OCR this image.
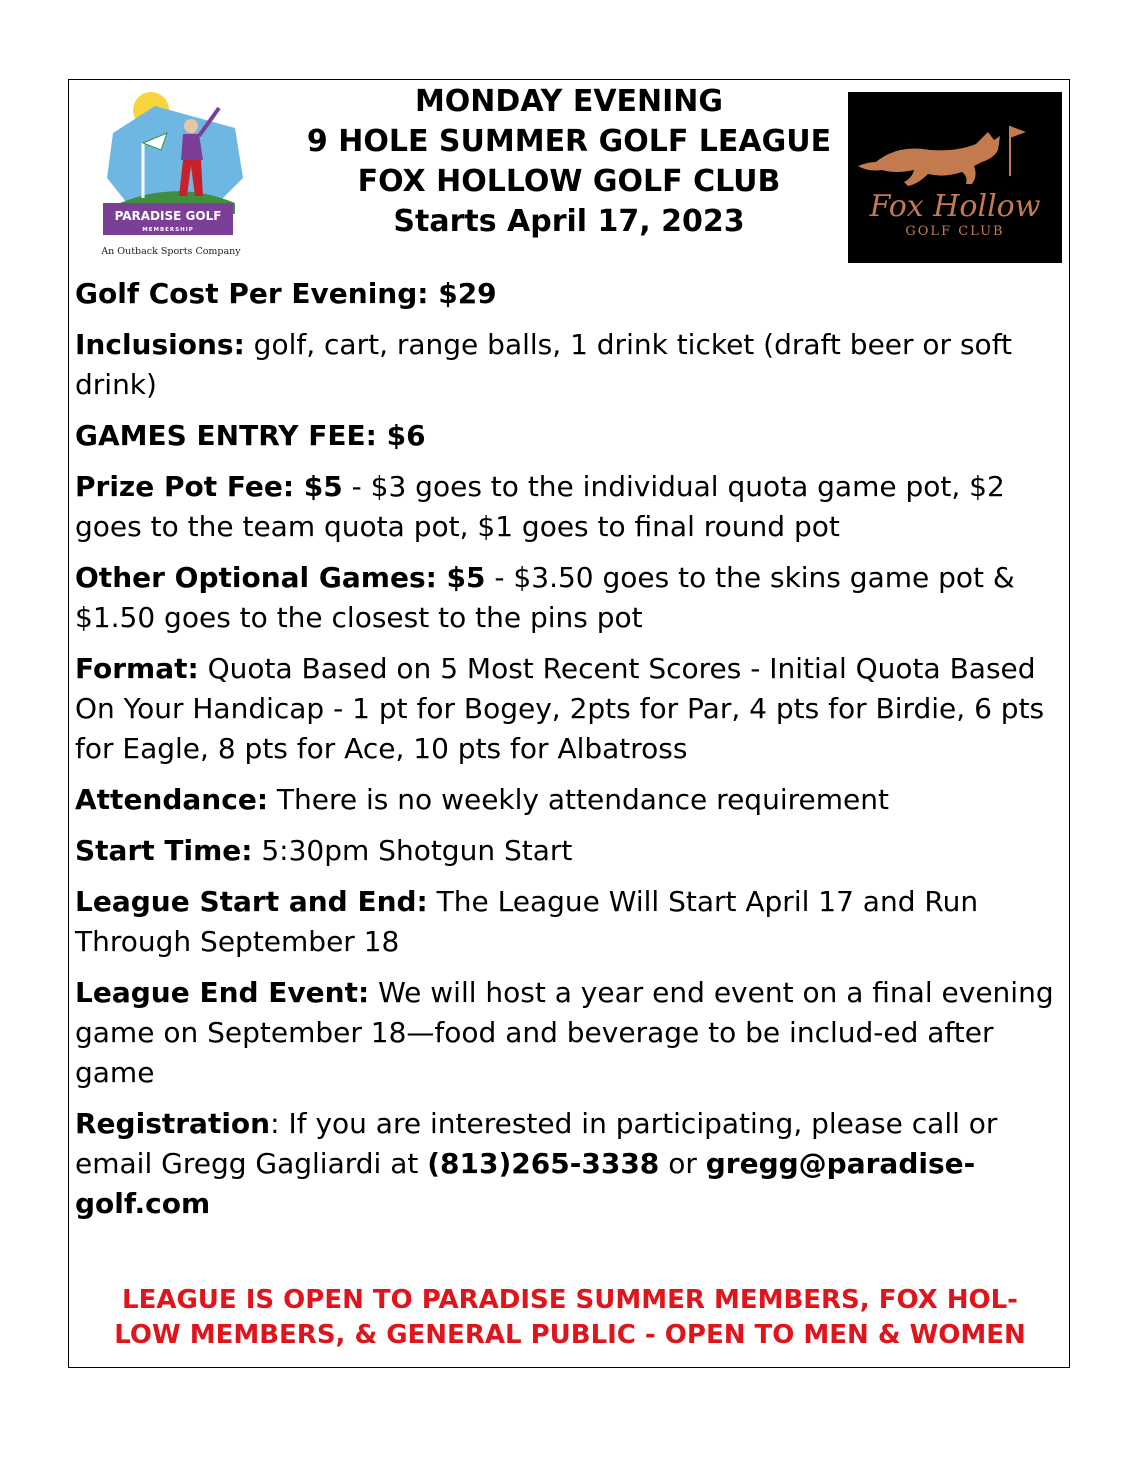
PARADISE GOLF
MEMBERSHIP
An Outback Sports Company
MONDAY EVENING
9 HOLE SUMMER GOLF LEAGUE
FOX HOLLOW GOLF CLUB
Starts April 17, 2023	Fox Hollow
GOLF CLUB

Golf Cost Per Evening: $29

Inclusions: golf, cart, range balls, 1 drink ticket (draft beer or soft drink)

GAMES ENTRY FEE: $6

Prize Pot Fee: $5 - $3 goes to the individual quota game pot, $2 goes to the team quota pot, $1 goes to final round pot

Other Optional Games: $5 - $3.50 goes to the skins game pot & $1.50 goes to the closest to the pins pot

Format: Quota Based on 5 Most Recent Scores - Initial Quota Based On Your Handicap - 1 pt for Bogey, 2pts for Par, 4 pts for Birdie, 6 pts for Eagle, 8 pts for Ace, 10 pts for Albatross

Attendance: There is no weekly attendance requirement

Start Time: 5:30pm Shotgun Start

League Start and End: The League Will Start April 17 and Run Through September 18

League End Event: We will host a year end event on a final evening game on September 18—food and beverage to be includ-ed after game

Registration: If you are interested in participating, please call or email Gregg Gagliardi at (813)265-3338 or gregg@paradise-golf.com

LEAGUE IS OPEN TO PARADISE SUMMER MEMBERS, FOX HOL-
LOW MEMBERS, & GENERAL PUBLIC - OPEN TO MEN & WOMEN
